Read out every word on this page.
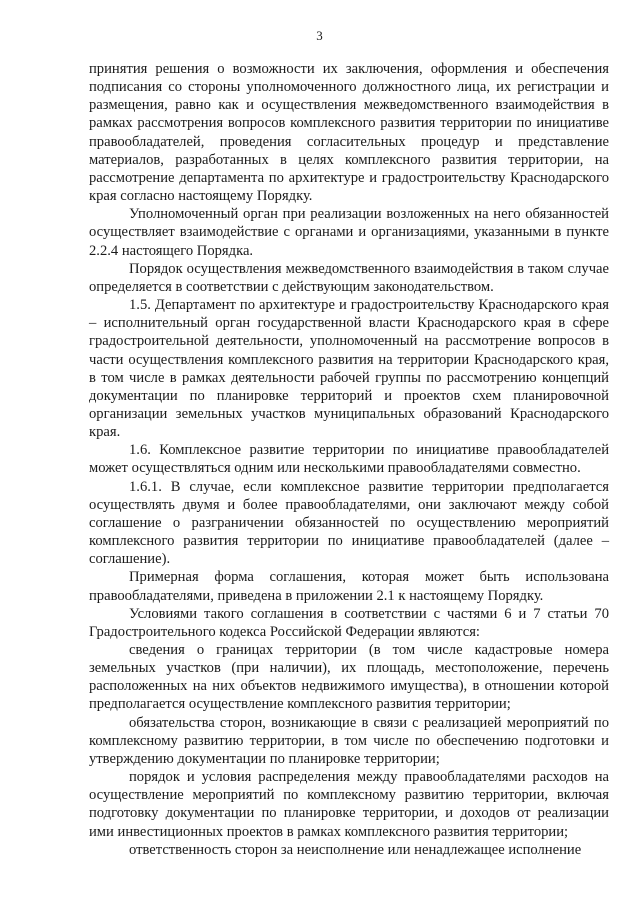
3

принятия решения о возможности их заключения, оформления и обеспечения подписания со стороны уполномоченного должностного лица, их регистрации и размещения, равно как и осуществления межведомственного взаимодействия в рамках рассмотрения вопросов комплексного развития территории по инициативе правообладателей, проведения согласительных процедур и представление материалов, разработанных в целях комплексного развития территории, на рассмотрение департамента по архитектуре и градостроительству Краснодарского края согласно настоящему Порядку.

Уполномоченный орган при реализации возложенных на него обязанностей осуществляет взаимодействие с органами и организациями, указанными в пункте 2.2.4 настоящего Порядка.

Порядок осуществления межведомственного взаимодействия в таком случае определяется в соответствии с действующим законодательством.

1.5. Департамент по архитектуре и градостроительству Краснодарского края – исполнительный орган государственной власти Краснодарского края в сфере градостроительной деятельности, уполномоченный на рассмотрение вопросов в части осуществления комплексного развития на территории Краснодарского края, в том числе в рамках деятельности рабочей группы по рассмотрению концепций документации по планировке территорий и проектов схем планировочной организации земельных участков муниципальных образований Краснодарского края.

1.6. Комплексное развитие территории по инициативе правообладателей может осуществляться одним или несколькими правообладателями совместно.

1.6.1. В случае, если комплексное развитие территории предполагается осуществлять двумя и более правообладателями, они заключают между собой соглашение о разграничении обязанностей по осуществлению мероприятий комплексного развития территории по инициативе правообладателей (далее – соглашение).

Примерная форма соглашения, которая может быть использована правообладателями, приведена в приложении 2.1 к настоящему Порядку.

Условиями такого соглашения в соответствии с частями 6 и 7 статьи 70 Градостроительного кодекса Российской Федерации являются:

сведения о границах территории (в том числе кадастровые номера земельных участков (при наличии), их площадь, местоположение, перечень расположенных на них объектов недвижимого имущества), в отношении которой предполагается осуществление комплексного развития территории;

обязательства сторон, возникающие в связи с реализацией мероприятий по комплексному развитию территории, в том числе по обеспечению подготовки и утверждению документации по планировке территории;

порядок и условия распределения между правообладателями расходов на осуществление мероприятий по комплексному развитию территории, включая подготовку документации по планировке территории, и доходов от реализации ими инвестиционных проектов в рамках комплексного развития территории;

ответственность сторон за неисполнение или ненадлежащее исполнение
